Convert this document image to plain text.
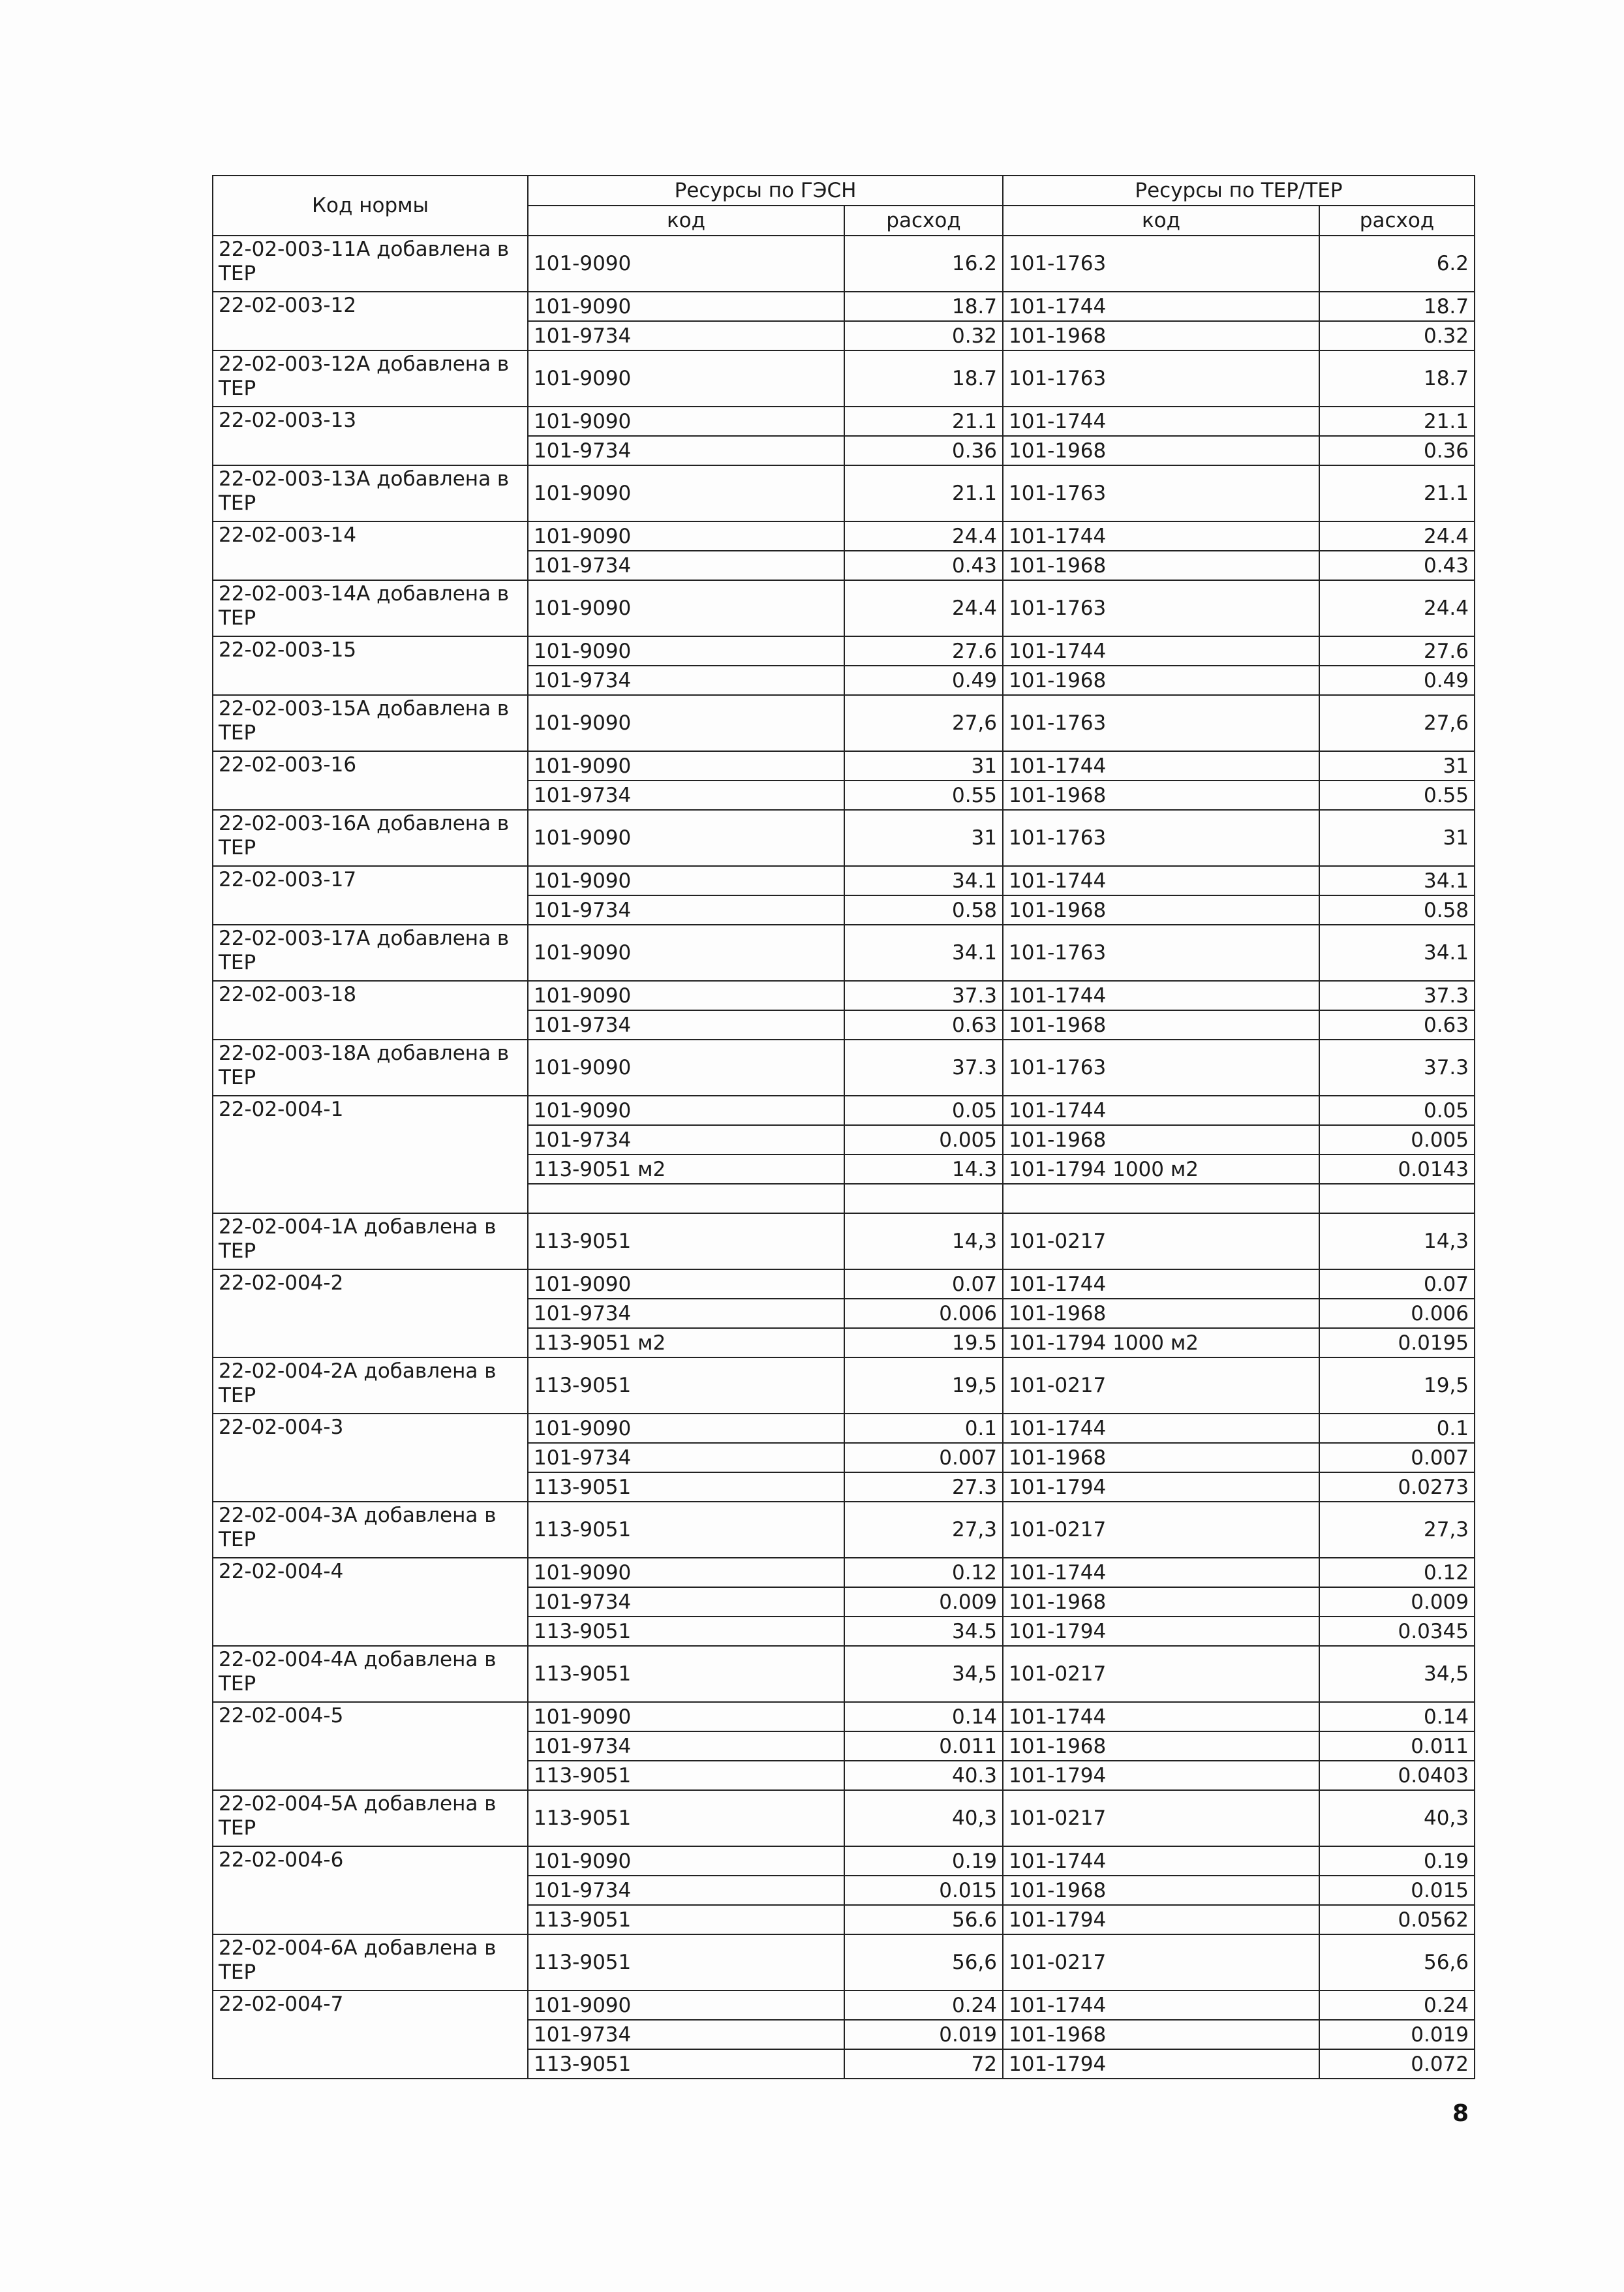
Код нормы	Ресурсы по ГЭСН		Ресурсы по ТЕР/ТЕР	
	код	расход	код	расход
22-02-003-11А добавлена в ТЕР	101-9090	16.2	101-1763	6.2
22-02-003-12	101-9090	18.7	101-1744	18.7
	101-9734	0.32	101-1968	0.32
22-02-003-12А добавлена в ТЕР	101-9090	18.7	101-1763	18.7
22-02-003-13	101-9090	21.1	101-1744	21.1
	101-9734	0.36	101-1968	0.36
22-02-003-13А добавлена в ТЕР	101-9090	21.1	101-1763	21.1
22-02-003-14	101-9090	24.4	101-1744	24.4
	101-9734	0.43	101-1968	0.43
22-02-003-14А добавлена в ТЕР	101-9090	24.4	101-1763	24.4
22-02-003-15	101-9090	27.6	101-1744	27.6
	101-9734	0.49	101-1968	0.49
22-02-003-15А добавлена в ТЕР	101-9090	27,6	101-1763	27,6
22-02-003-16	101-9090	31	101-1744	31
	101-9734	0.55	101-1968	0.55
22-02-003-16А добавлена в ТЕР	101-9090	31	101-1763	31
22-02-003-17	101-9090	34.1	101-1744	34.1
	101-9734	0.58	101-1968	0.58
22-02-003-17А добавлена в ТЕР	101-9090	34.1	101-1763	34.1
22-02-003-18	101-9090	37.3	101-1744	37.3
	101-9734	0.63	101-1968	0.63
22-02-003-18А добавлена в ТЕР	101-9090	37.3	101-1763	37.3
22-02-004-1	101-9090	0.05	101-1744	0.05
	101-9734	0.005	101-1968	0.005
	113-9051 м2	14.3	101-1794 1000 м2	0.0143

22-02-004-1А добавлена в ТЕР	113-9051	14,3	101-0217	14,3
22-02-004-2	101-9090	0.07	101-1744	0.07
	101-9734	0.006	101-1968	0.006
	113-9051 м2	19.5	101-1794 1000 м2	0.0195
22-02-004-2А добавлена в ТЕР	113-9051	19,5	101-0217	19,5
22-02-004-3	101-9090	0.1	101-1744	0.1
	101-9734	0.007	101-1968	0.007
	113-9051	27.3	101-1794	0.0273
22-02-004-3А добавлена в ТЕР	113-9051	27,3	101-0217	27,3
22-02-004-4	101-9090	0.12	101-1744	0.12
	101-9734	0.009	101-1968	0.009
	113-9051	34.5	101-1794	0.0345
22-02-004-4А добавлена в ТЕР	113-9051	34,5	101-0217	34,5
22-02-004-5	101-9090	0.14	101-1744	0.14
	101-9734	0.011	101-1968	0.011
	113-9051	40.3	101-1794	0.0403
22-02-004-5А добавлена в ТЕР	113-9051	40,3	101-0217	40,3
22-02-004-6	101-9090	0.19	101-1744	0.19
	101-9734	0.015	101-1968	0.015
	113-9051	56.6	101-1794	0.0562
22-02-004-6А добавлена в ТЕР	113-9051	56,6	101-0217	56,6
22-02-004-7	101-9090	0.24	101-1744	0.24
	101-9734	0.019	101-1968	0.019
	113-9051	72	101-1794	0.072
8
